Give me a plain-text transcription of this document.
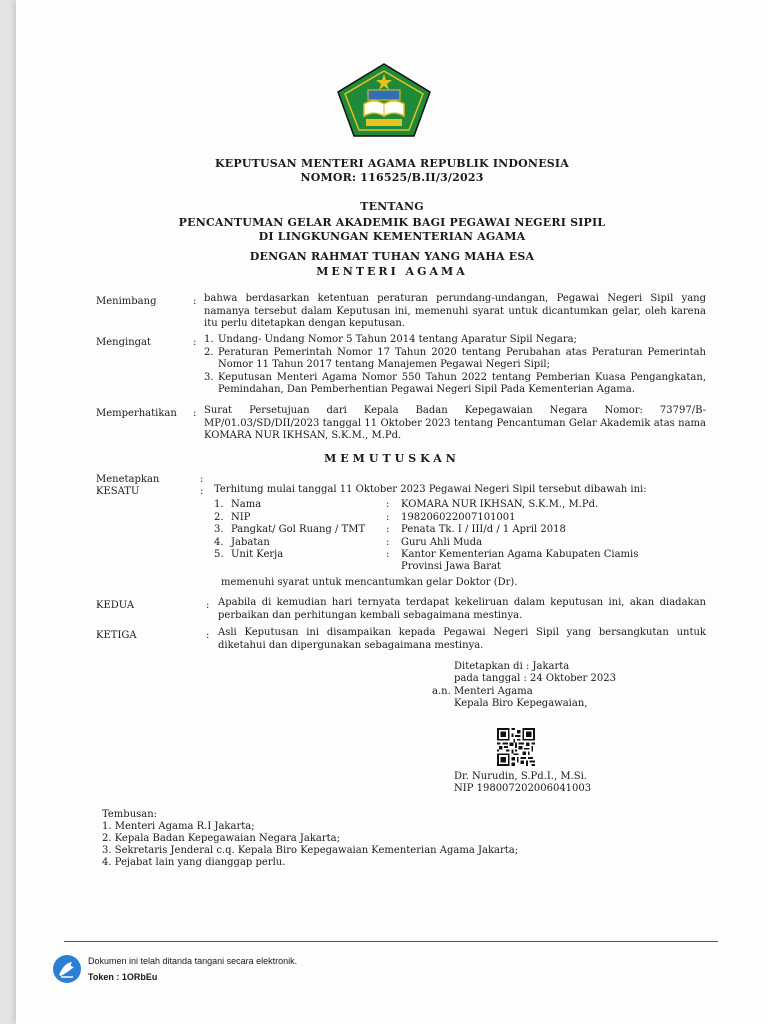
KEPUTUSAN MENTERI AGAMA REPUBLIK INDONESIA
NOMOR: 116525/B.II/3/2023
TENTANG
PENCANTUMAN GELAR AKADEMIK BAGI PEGAWAI NEGERI SIPIL
DI LINGKUNGAN KEMENTERIAN AGAMA
DENGAN RAHMAT TUHAN YANG MAHA ESA
MENTERI AGAMA
Menimbang	: bahwa berdasarkan ketentuan peraturan perundang-undangan, Pegawai Negeri Sipil yang namanya tersebut dalam Keputusan ini, memenuhi syarat untuk dicantumkan gelar, oleh karena itu perlu ditetapkan dengan keputusan.
Mengingat	: 1. Undang- Undang Nomor 5 Tahun 2014 tentang Aparatur Sipil Negara;
2. Peraturan Pemerintah Nomor 17 Tahun 2020 tentang Perubahan atas Peraturan Pemerintah Nomor 11 Tahun 2017 tentang Manajemen Pegawai Negeri Sipil;
3. Keputusan Menteri Agama Nomor 550 Tahun 2022 tentang Pemberian Kuasa Pengangkatan, Pemindahan, Dan Pemberhentian Pegawai Negeri Sipil Pada Kementerian Agama.
Memperhatikan : Surat Persetujuan dari Kepala Badan Kepegawaian Negara Nomor: 73797/B-MP/01.03/SD/DII/2023 tanggal 11 Oktober 2023 tentang Pencantuman Gelar Akademik atas nama KOMARA NUR IKHSAN, S.K.M., M.Pd.
MEMUTUSKAN
Menetapkan	:
KESATU	: Terhitung mulai tanggal 11 Oktober 2023 Pegawai Negeri Sipil tersebut dibawah ini:
1. Nama	: KOMARA NUR IKHSAN, S.K.M., M.Pd.
2. NIP	: 198206022007101001
3. Pangkat/ Gol Ruang / TMT : Penata Tk. I / III/d / 1 April 2018
4. Jabatan	: Guru Ahli Muda
5. Unit Kerja	: Kantor Kementerian Agama Kabupaten Ciamis
Provinsi Jawa Barat
memenuhi syarat untuk mencantumkan gelar Doktor (Dr).
KEDUA	: Apabila di kemudian hari ternyata terdapat kekeliruan dalam keputusan ini, akan diadakan perbaikan dan perhitungan kembali sebagaimana mestinya.
KETIGA	: Asli Keputusan ini disampaikan kepada Pegawai Negeri Sipil yang bersangkutan untuk diketahui dan dipergunakan sebagaimana mestinya.
Ditetapkan di : Jakarta
pada tanggal : 24 Oktober 2023
a.n. Menteri Agama
Kepala Biro Kepegawaian,
Dr. Nurudin, S.Pd.I., M.Si.
NIP 198007202006041003
Tembusan:
1. Menteri Agama R.I Jakarta;
2. Kepala Badan Kepegawaian Negara Jakarta;
3. Sekretaris Jenderal c.q. Kepala Biro Kepegawaian Kementerian Agama Jakarta;
4. Pejabat lain yang dianggap perlu.
Dokumen ini telah ditanda tangani secara elektronik.
Token : 1ORbEu
